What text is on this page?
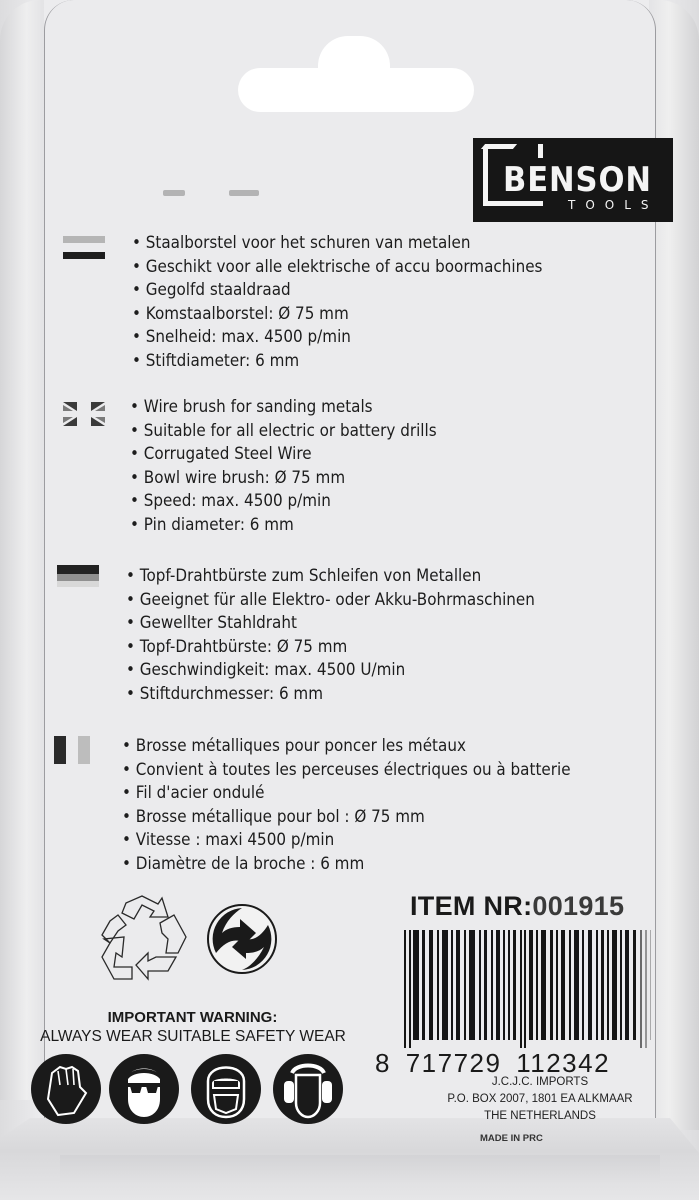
BENSON
TOOLS
• Staalborstel voor het schuren van metalen
• Geschikt voor alle elektrische of accu boormachines
• Gegolfd staaldraad
• Komstaalborstel: Ø 75 mm
• Snelheid: max. 4500 p/min
• Stiftdiameter: 6 mm
• Wire brush for sanding metals
• Suitable for all electric or battery drills
• Corrugated Steel Wire
• Bowl wire brush: Ø 75 mm
• Speed: max. 4500 p/min
• Pin diameter: 6 mm
• Topf-Drahtbürste zum Schleifen von Metallen
• Geeignet für alle Elektro- oder Akku-Bohrmaschinen
• Gewellter Stahldraht
• Topf-Drahtbürste: Ø 75 mm
• Geschwindigkeit: max. 4500 U/min
• Stiftdurchmesser: 6 mm
• Brosse métalliques pour poncer les métaux
• Convient à toutes les perceuses électriques ou à batterie
• Fil d'acier ondulé
• Brosse métallique pour bol : Ø 75 mm
• Vitesse : maxi 4500 p/min
• Diamètre de la broche : 6 mm
IMPORTANT WARNING:
ALWAYS WEAR SUITABLE SAFETY WEAR
ITEM NR:001915
8 717729 112342
J.C.J.C. IMPORTS
P.O. BOX 2007, 1801 EA ALKMAAR
THE NETHERLANDS
MADE IN PRC
